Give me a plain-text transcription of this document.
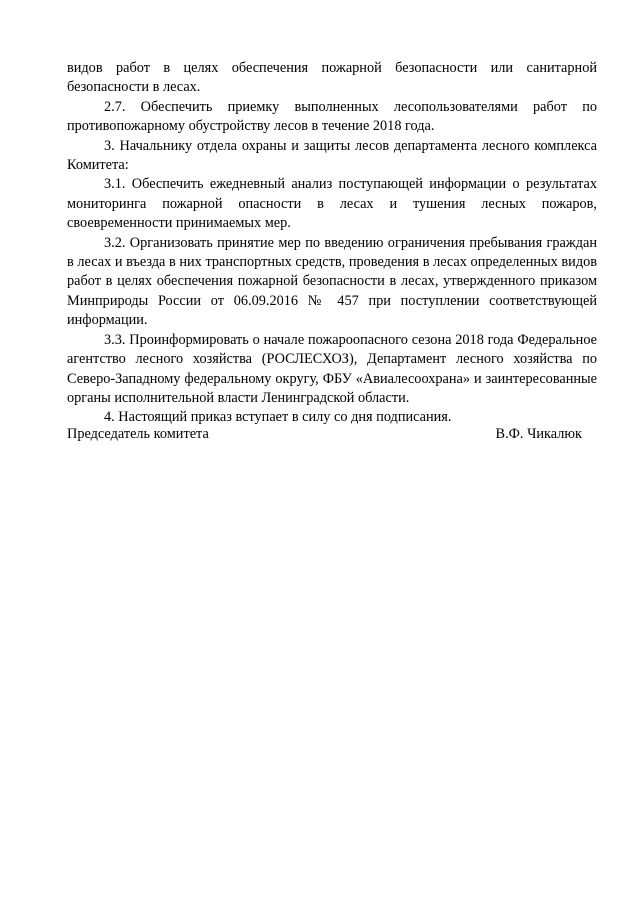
видов работ в целях обеспечения пожарной безопасности или санитарной безопасности в лесах.

2.7. Обеспечить приемку выполненных лесопользователями работ по противопожарному обустройству лесов в течение 2018 года.

3. Начальнику отдела охраны и защиты лесов департамента лесного комплекса Комитета:

3.1. Обеспечить ежедневный анализ поступающей информации о результатах мониторинга пожарной опасности в лесах и тушения лесных пожаров, своевременности принимаемых мер.

3.2. Организовать принятие мер по введению ограничения пребывания граждан в лесах и въезда в них транспортных средств, проведения в лесах определенных видов работ в целях обеспечения пожарной безопасности в лесах, утвержденного приказом Минприроды России от 06.09.2016 № 457 при поступлении соответствующей информации.

3.3. Проинформировать о начале пожароопасного сезона 2018 года Федеральное агентство лесного хозяйства (РОСЛЕСХОЗ), Департамент лесного хозяйства по Северо-Западному федеральному округу, ФБУ «Авиалесоохрана» и заинтересованные органы исполнительной власти Ленинградской области.

4. Настоящий приказ вступает в силу со дня подписания.

Председатель комитета	В.Ф. Чикалюк
